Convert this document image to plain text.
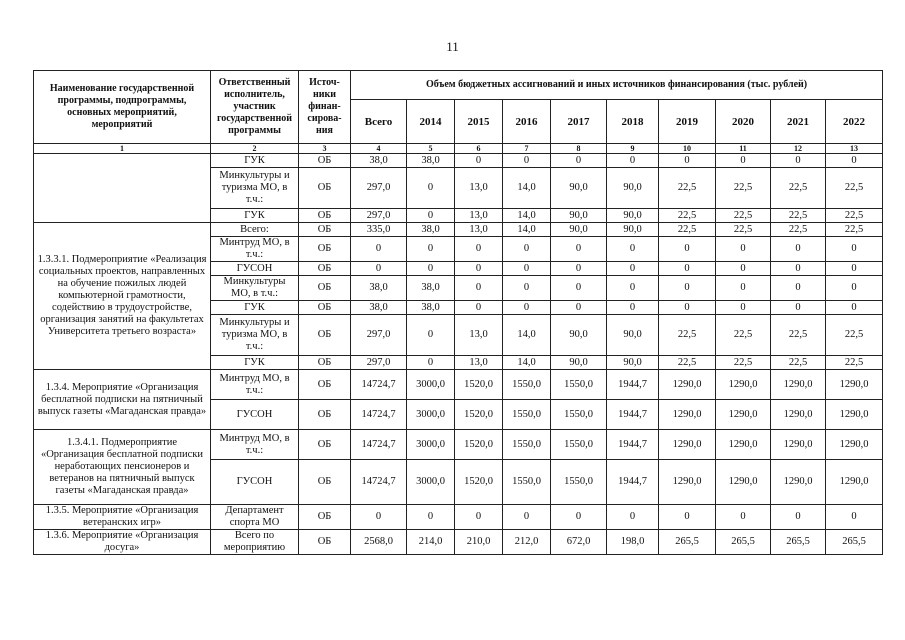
11
Наименование государственной программы, подпрограммы, основных мероприятий, мероприятий	Ответственный исполнитель, участник государственной программы	Источ-ники финан-сирова-ния	Объем бюджетных ассигнований и иных источников финансирования (тыс. рублей)									
			Всего	2014	2015	2016	2017	2018	2019	2020	2021	2022
1	2	3	4	5	6	7	8	9	10	11	12	13
	ГУК	ОБ	38,0	38,0	0	0	0	0	0	0	0	0
	Минкультуры и туризма МО, в т.ч.:	ОБ	297,0	0	13,0	14,0	90,0	90,0	22,5	22,5	22,5	22,5
	ГУК	ОБ	297,0	0	13,0	14,0	90,0	90,0	22,5	22,5	22,5	22,5
1.3.3.1. Подмероприятие «Реализация социальных проектов, направленных на обучение пожилых людей компьютерной грамотности, содействию в трудоустройстве, организация занятий на факультетах Университета третьего возраста»	Всего:	ОБ	335,0	38,0	13,0	14,0	90,0	90,0	22,5	22,5	22,5	22,5
	Минтруд МО, в т.ч.:	ОБ	0	0	0	0	0	0	0	0	0	0
	ГУСОН	ОБ	0	0	0	0	0	0	0	0	0	0
	Минкультуры МО, в т.ч.:	ОБ	38,0	38,0	0	0	0	0	0	0	0	0
	ГУК	ОБ	38,0	38,0	0	0	0	0	0	0	0	0
	Минкультуры и туризма МО, в т.ч.:	ОБ	297,0	0	13,0	14,0	90,0	90,0	22,5	22,5	22,5	22,5
	ГУК	ОБ	297,0	0	13,0	14,0	90,0	90,0	22,5	22,5	22,5	22,5
1.3.4. Мероприятие «Организация бесплатной подписки на пятничный выпуск газеты «Магаданская правда»	Минтруд МО, в т.ч.:	ОБ	14724,7	3000,0	1520,0	1550,0	1550,0	1944,7	1290,0	1290,0	1290,0	1290,0
	ГУСОН	ОБ	14724,7	3000,0	1520,0	1550,0	1550,0	1944,7	1290,0	1290,0	1290,0	1290,0
1.3.4.1. Подмероприятие «Организация бесплатной подписки неработающих пенсионеров и ветеранов на пятничный выпуск газеты «Магаданская правда»	Минтруд МО, в т.ч.:	ОБ	14724,7	3000,0	1520,0	1550,0	1550,0	1944,7	1290,0	1290,0	1290,0	1290,0
	ГУСОН	ОБ	14724,7	3000,0	1520,0	1550,0	1550,0	1944,7	1290,0	1290,0	1290,0	1290,0
1.3.5. Мероприятие «Организация ветеранских игр»	Департамент спорта МО	ОБ	0	0	0	0	0	0	0	0	0	0
1.3.6. Мероприятие «Организация досуга»	Всего по мероприятию	ОБ	2568,0	214,0	210,0	212,0	672,0	198,0	265,5	265,5	265,5	265,5
